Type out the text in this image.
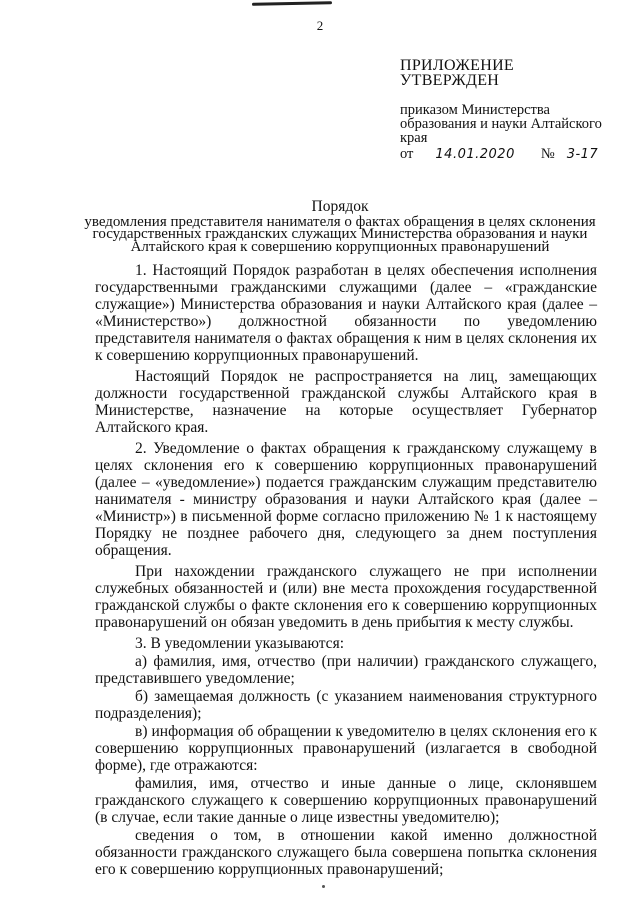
2
ПРИЛОЖЕНИЕ
УТВЕРЖДЕН
приказом Министерства образования и науки Алтайского края
от 14.01.2020 № 3-17
Порядок
уведомления представителя нанимателя о фактах обращения в целях склонения государственных гражданских служащих Министерства образования и науки Алтайского края к совершению коррупционных правонарушений

1. Настоящий Порядок разработан в целях обеспечения исполнения государственными гражданскими служащими (далее – «гражданские служащие») Министерства образования и науки Алтайского края (далее – «Министерство») должностной обязанности по уведомлению представителя нанимателя о фактах обращения к ним в целях склонения их к совершению коррупционных правонарушений.

Настоящий Порядок не распространяется на лиц, замещающих должности государственной гражданской службы Алтайского края в Министерстве, назначение на которые осуществляет Губернатор Алтайского края.

2. Уведомление о фактах обращения к гражданскому служащему в целях склонения его к совершению коррупционных правонарушений (далее – «уведомление») подается гражданским служащим представителю нанимателя - министру образования и науки Алтайского края (далее – «Министр») в письменной форме согласно приложению № 1 к настоящему Порядку не позднее рабочего дня, следующего за днем поступления обращения.

При нахождении гражданского служащего не при исполнении служебных обязанностей и (или) вне места прохождения государственной гражданской службы о факте склонения его к совершению коррупционных правонарушений он обязан уведомить в день прибытия к месту службы.

3. В уведомлении указываются:

а) фамилия, имя, отчество (при наличии) гражданского служащего, представившего уведомление;

б) замещаемая должность (с указанием наименования структурного подразделения);

в) информация об обращении к уведомителю в целях склонения его к совершению коррупционных правонарушений (излагается в свободной форме), где отражаются:

фамилия, имя, отчество и иные данные о лице, склонявшем гражданского служащего к совершению коррупционных правонарушений (в случае, если такие данные о лице известны уведомителю);

сведения о том, в отношении какой именно должностной обязанности гражданского служащего была совершена попытка склонения его к совершению коррупционных правонарушений;
